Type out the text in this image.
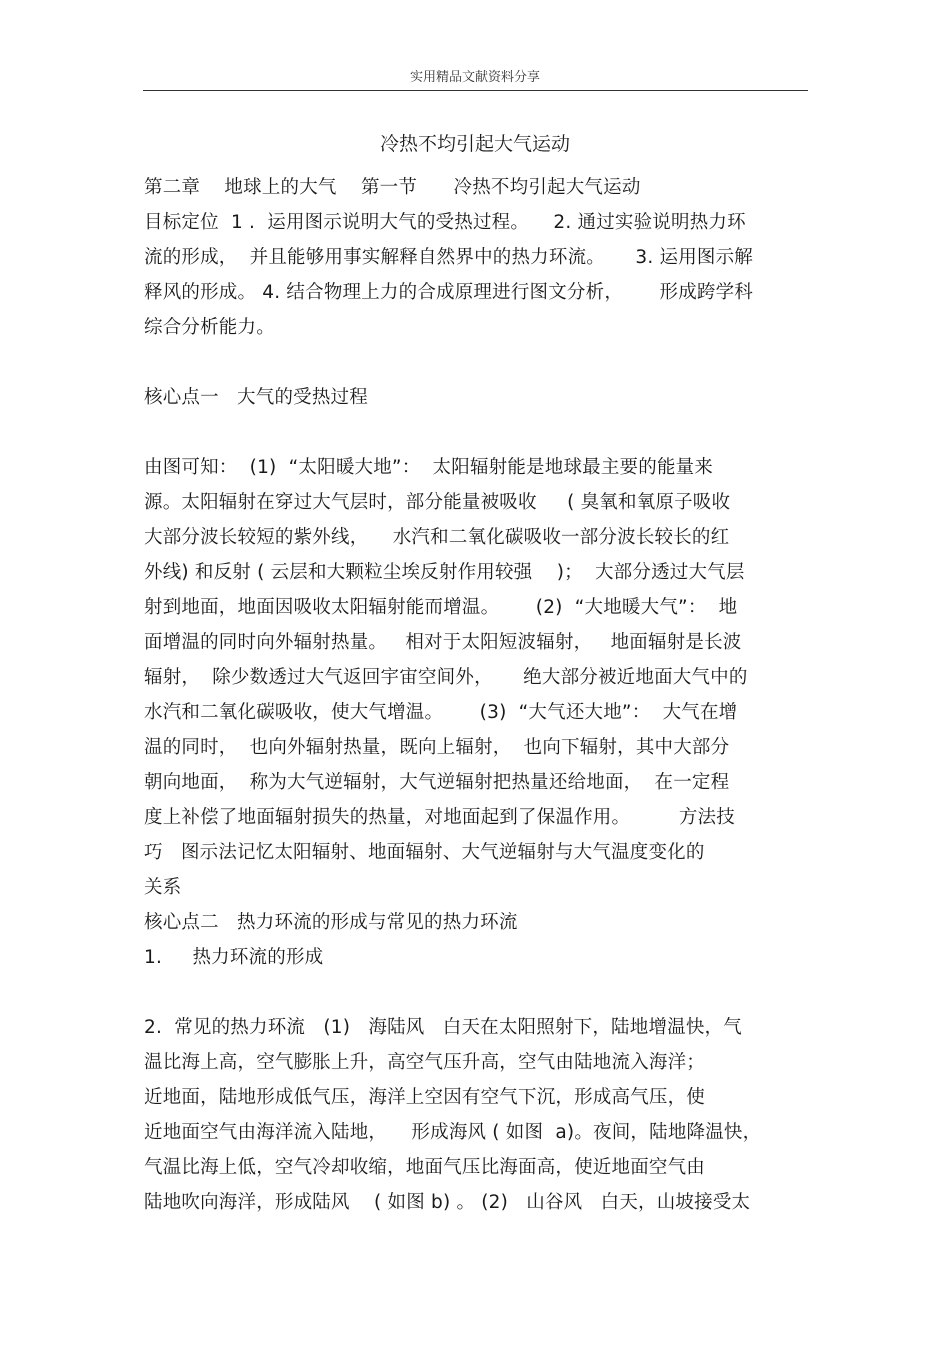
实用精品文献资料分享
冷热不均引起大气运动
第二章    地球上的大气    第一节      冷热不均引起大气运动
目标定位  1 .  运用图示说明大气的受热过程。    2. 通过实验说明热力环
流的形成，  并且能够用事实解释自然界中的热力环流。     3. 运用图示解
释风的形成。 4. 结合物理上力的合成原理进行图文分析，      形成跨学科
综合分析能力。
核心点一   大气的受热过程
由图可知：  (1)  “太阳暖大地”：  太阳辐射能是地球最主要的能量来
源。太阳辐射在穿过大气层时，部分能量被吸收     ( 臭氧和氧原子吸收
大部分波长较短的紫外线，    水汽和二氧化碳吸收一部分波长较长的红
外线) 和反射 ( 云层和大颗粒尘埃反射作用较强    )；  大部分透过大气层
射到地面，地面因吸收太阳辐射能而增温。      (2)  “大地暖大气”：  地
面增温的同时向外辐射热量。   相对于太阳短波辐射，   地面辐射是长波
辐射，  除少数透过大气返回宇宙空间外，     绝大部分被近地面大气中的
水汽和二氧化碳吸收，使大气增温。      (3)  “大气还大地”：  大气在增
温的同时，  也向外辐射热量，既向上辐射，  也向下辐射，其中大部分
朝向地面，  称为大气逆辐射，大气逆辐射把热量还给地面，  在一定程
度上补偿了地面辐射损失的热量，对地面起到了保温作用。        方法技
巧   图示法记忆太阳辐射、地面辐射、大气逆辐射与大气温度变化的
关系
核心点二   热力环流的形成与常见的热力环流
1.     热力环流的形成
2.  常见的热力环流   (1)   海陆风   白天在太阳照射下，陆地增温快，气
温比海上高，空气膨胀上升，高空气压升高，空气由陆地流入海洋；
近地面，陆地形成低气压，海洋上空因有空气下沉，形成高气压，使
近地面空气由海洋流入陆地，    形成海风 ( 如图  a)。夜间，陆地降温快，
气温比海上低，空气冷却收缩，地面气压比海面高，使近地面空气由
陆地吹向海洋，形成陆风    ( 如图 b) 。 (2)   山谷风   白天，山坡接受太
